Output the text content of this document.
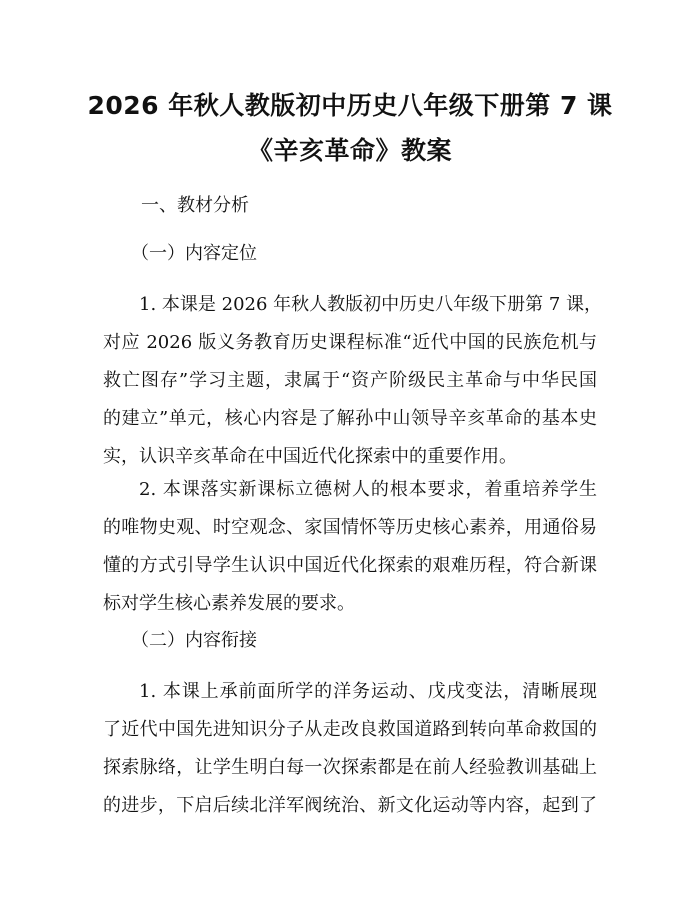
2026 年秋人教版初中历史八年级下册第 7 课
《辛亥革命》教案
一、教材分析
（一）内容定位
1. 本课是 2026 年秋人教版初中历史八年级下册第 7 课，
对应 2026 版义务教育历史课程标准“近代中国的民族危机与
救亡图存”学习主题，隶属于“资产阶级民主革命与中华民国
的建立”单元，核心内容是了解孙中山领导辛亥革命的基本史
实，认识辛亥革命在中国近代化探索中的重要作用。
2. 本课落实新课标立德树人的根本要求，着重培养学生
的唯物史观、时空观念、家国情怀等历史核心素养，用通俗易
懂的方式引导学生认识中国近代化探索的艰难历程，符合新课
标对学生核心素养发展的要求。
（二）内容衔接
1. 本课上承前面所学的洋务运动、戊戌变法，清晰展现
了近代中国先进知识分子从走改良救国道路到转向革命救国的
探索脉络，让学生明白每一次探索都是在前人经验教训基础上
的进步，下启后续北洋军阀统治、新文化运动等内容，起到了
